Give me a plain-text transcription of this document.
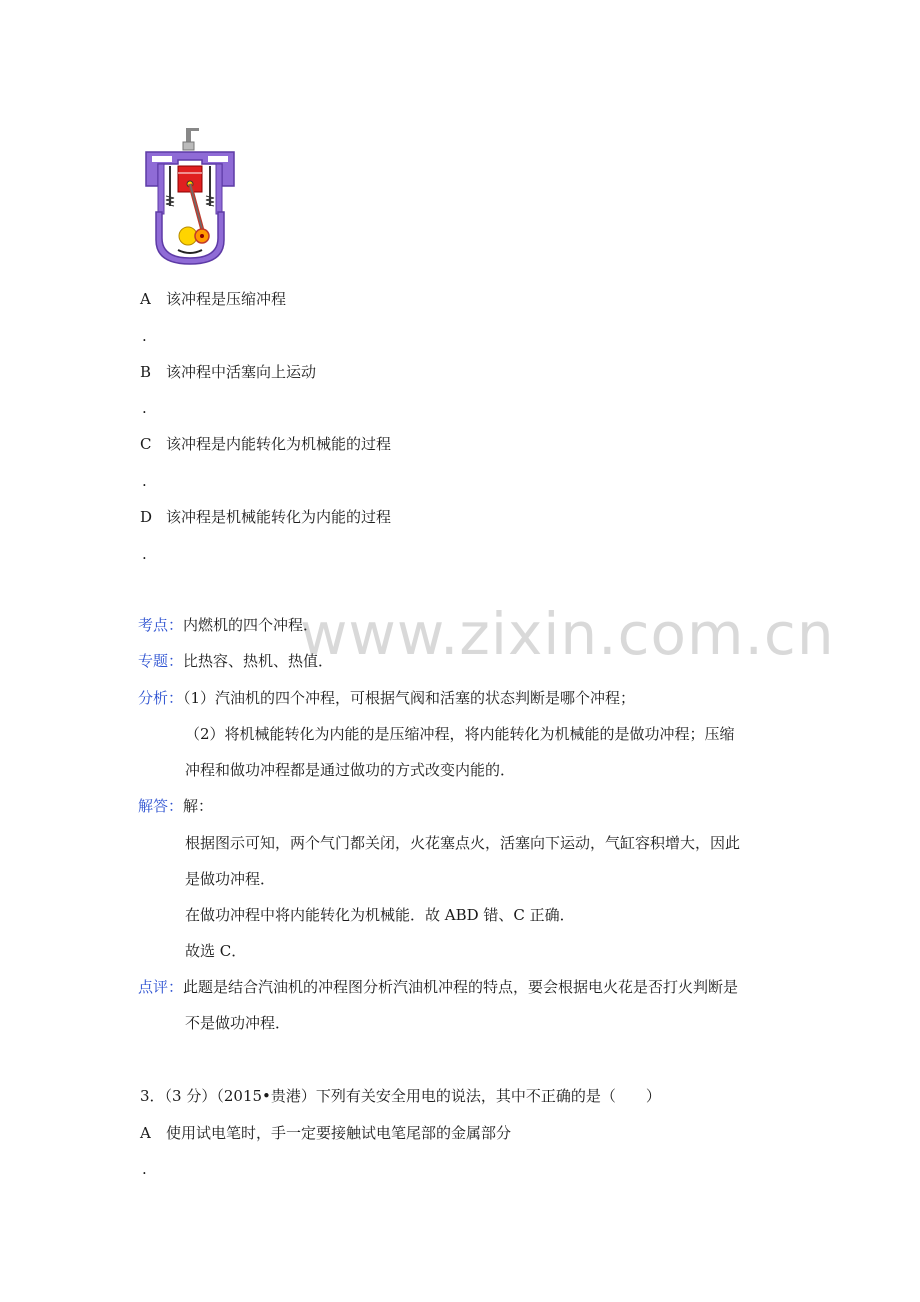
www.zixin.com.cn
A 该冲程是压缩冲程
.
B 该冲程中活塞向上运动
.
C 该冲程是内能转化为机械能的过程
.
D 该冲程是机械能转化为内能的过程
.
考点：内燃机的四个冲程．
专题：比热容、热机、热值．
分析：（1）汽油机的四个冲程，可根据气阀和活塞的状态判断是哪个冲程；
（2）将机械能转化为内能的是压缩冲程，将内能转化为机械能的是做功冲程；压缩
冲程和做功冲程都是通过做功的方式改变内能的．
解答：解：
根据图示可知，两个气门都关闭，火花塞点火，活塞向下运动，气缸容积增大，因此
是做功冲程．
在做功冲程中将内能转化为机械能．故 ABD 错、C 正确．
故选 C．
点评：此题是结合汽油机的冲程图分析汽油机冲程的特点，要会根据电火花是否打火判断是
不是做功冲程．
3．（3 分）（2015•贵港）下列有关安全用电的说法，其中不正确的是（　　）
A 使用试电笔时，手一定要接触试电笔尾部的金属部分
.
